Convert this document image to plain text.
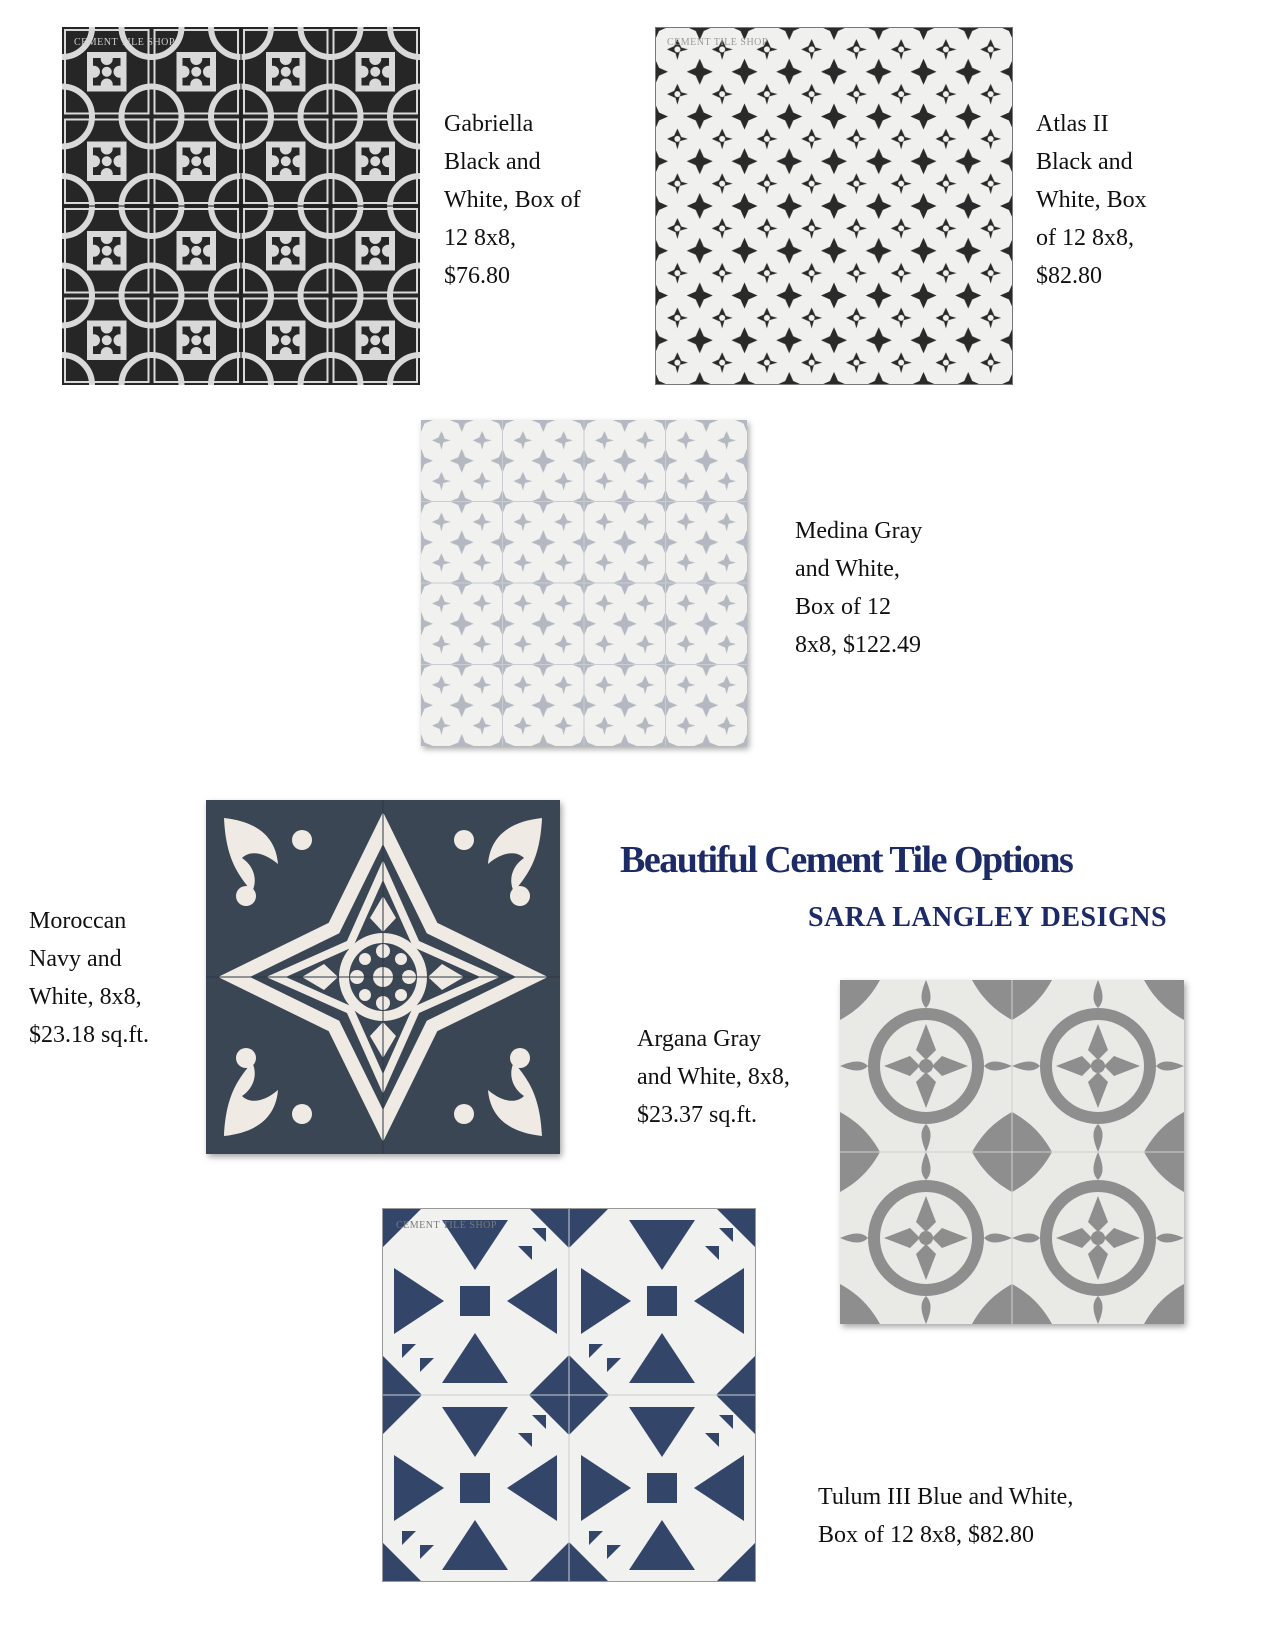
CEMENT TILE SHOP

Gabriella
Black and
White, Box of
12 8x8,
$76.80

CEMENT TILE SHOP

Atlas II
Black and
White, Box
of 12 8x8,
$82.80

Medina Gray
and White,
Box of 12
8x8, $122.49

Moroccan
Navy and
White, 8x8,
$23.18 sq.ft.

Beautiful Cement Tile Options
SARA LANGLEY DESIGNS

Argana Gray
and White, 8x8,
$23.37 sq.ft.

CEMENT TILE SHOP

Tulum III Blue and White,
Box of 12 8x8, $82.80
